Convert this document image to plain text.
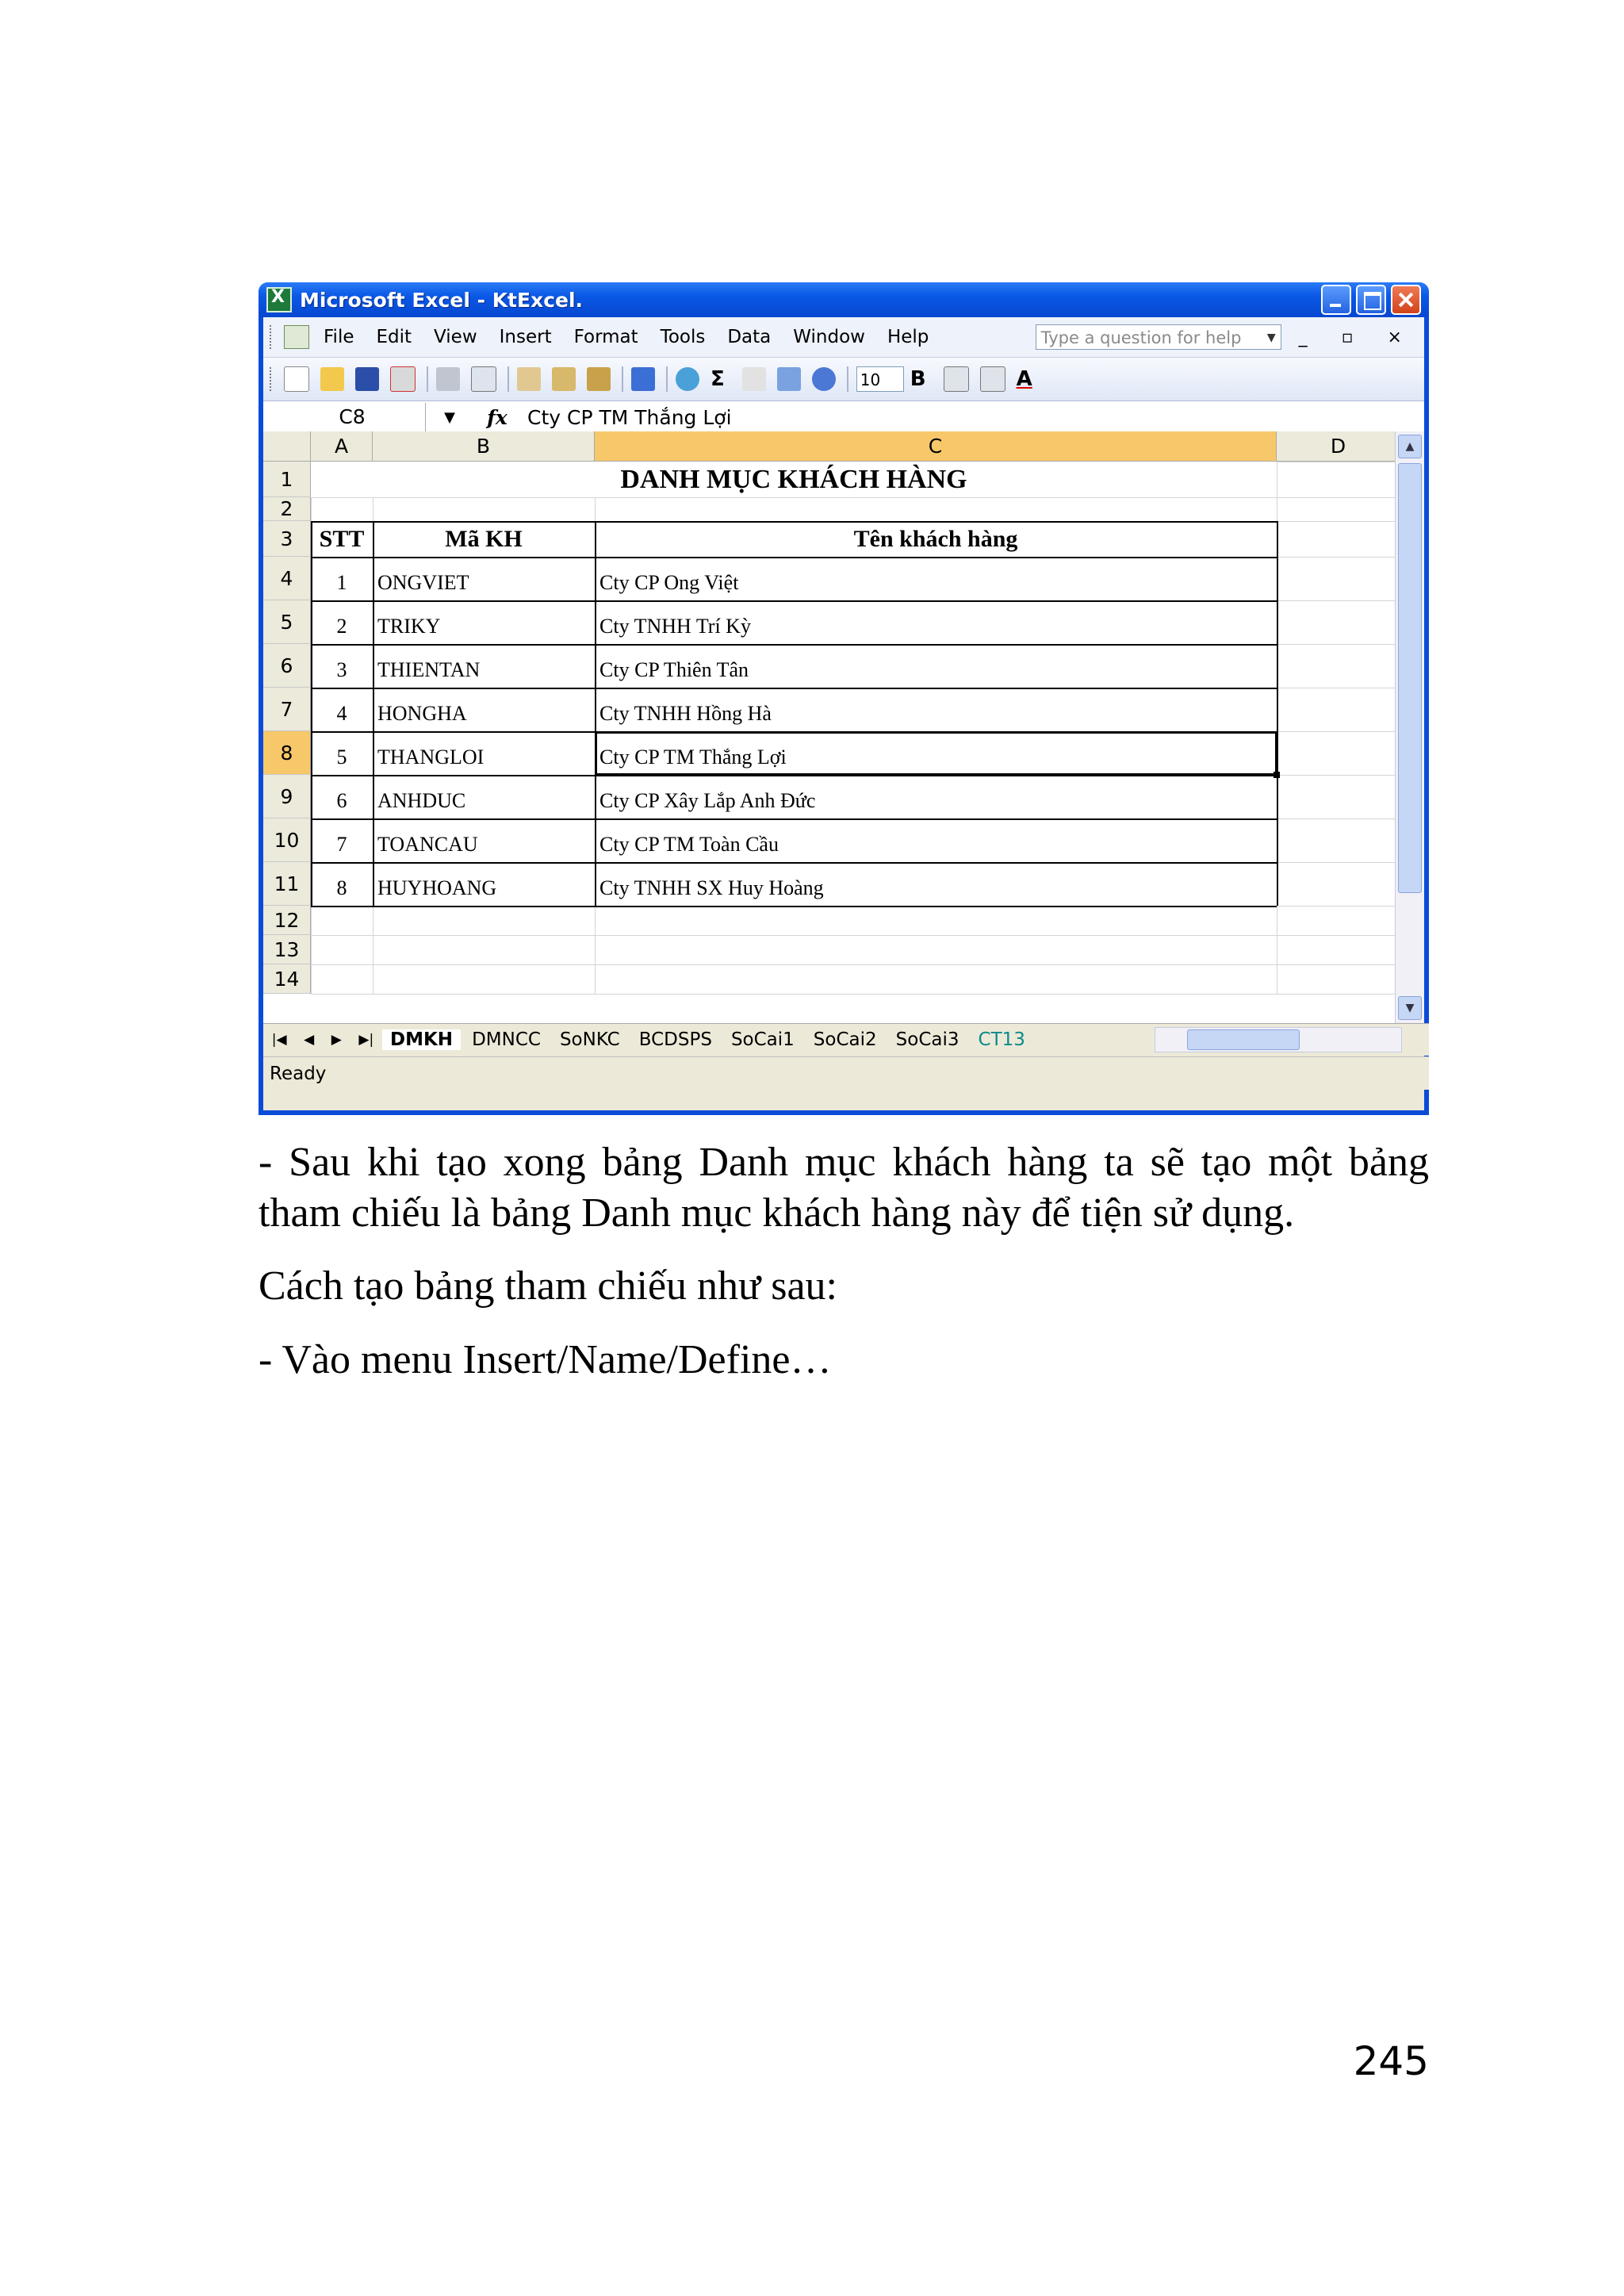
X
Microsoft Excel - KtExcel.
File Edit View Insert Format Tools Data Window Help	Type a question for help ▼	_ ▫ ×
Σ	10	B	A
C8	▼	fx	Cty CP TM Thắng Lợi
A	B	C	D
1
2
3
4
5
6
7
8
9
10
11
12
13
14
DANH MỤC KHÁCH HÀNG
STT	Mã KH	Tên khách hàng
1	ONGVIET	Cty CP Ong Việt
2	TRIKY	Cty TNHH Trí Kỳ
3	THIENTAN	Cty CP Thiên Tân
4	HONGHA	Cty TNHH Hồng Hà
5	THANGLOI	Cty CP TM Thắng Lợi
6	ANHDUC	Cty CP Xây Lắp Anh Đức
7	TOANCAU	Cty CP TM Toàn Cầu
8	HUYHOANG	Cty TNHH SX Huy Hoàng
▲
▼
|◀ ◀ ▶ ▶| DMKH	DMNCC	SoNKC	BCDSPS	SoCai1	SoCai2	SoCai3	CT13
Ready
- Sau khi tạo xong bảng Danh mục khách hàng ta sẽ tạo một bảng tham chiếu là bảng Danh mục khách hàng này để tiện sử dụng.
Cách tạo bảng tham chiếu như sau:
- Vào menu Insert/Name/Define…
245
